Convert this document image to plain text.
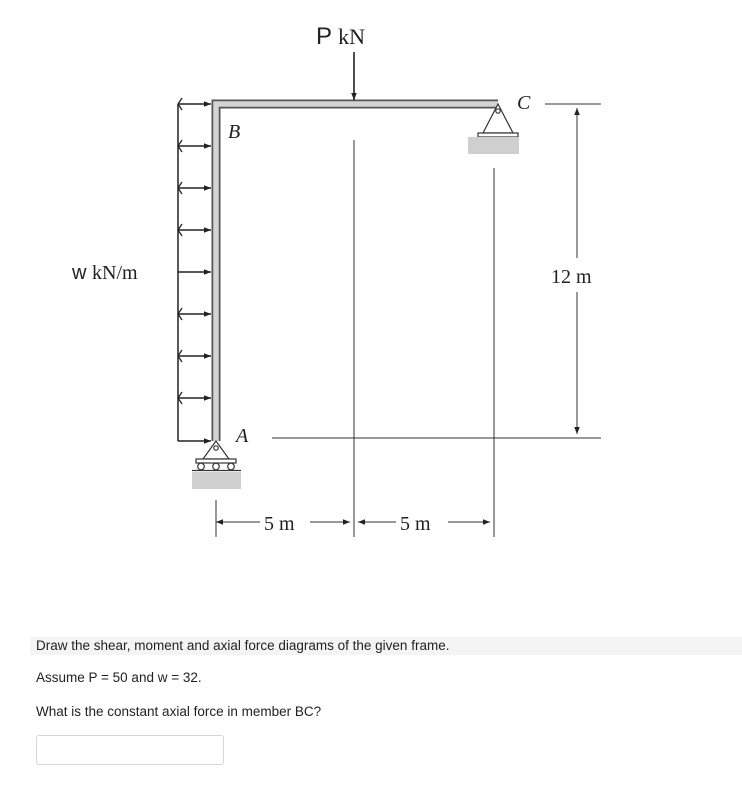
P kN
w kN/m
B
A
C
5 m	5 m
12 m
Draw the shear, moment and axial force diagrams of the given frame.
Assume P = 50 and w = 32.
What is the constant axial force in member BC?
